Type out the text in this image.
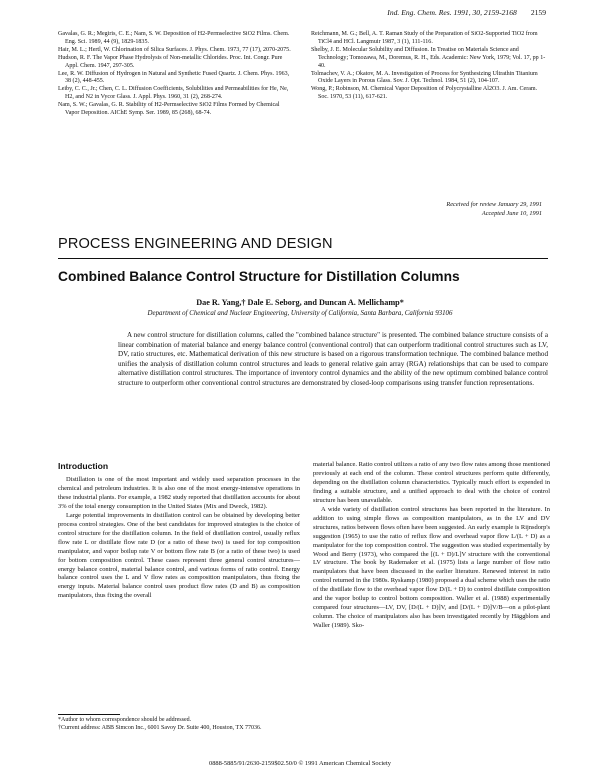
Ind. Eng. Chem. Res. 1991, 30, 2159-2168 2159

Gavalas, G. R.; Megiris, C. E.; Nam, S. W. Deposition of H2-Permselective SiO2 Films. Chem. Eng. Sci. 1989, 44 (9), 1829-1835.

Hair, M. L.; Hertl, W. Chlorination of Silica Surfaces. J. Phys. Chem. 1973, 77 (17), 2070-2075.

Hudson, R. F. The Vapor Phase Hydrolysis of Non-metallic Chlorides. Proc. Int. Congr. Pure Appl. Chem. 1947, 297-305.

Lee, R. W. Diffusion of Hydrogen in Natural and Synthetic Fused Quartz. J. Chem. Phys. 1963, 38 (2), 448-455.

Leiby, C. C., Jr.; Chen, C. L. Diffusion Coefficients, Solubilities and Permeabilities for He, Ne, H2, and N2 in Vycor Glass. J. Appl. Phys. 1960, 31 (2), 268-274.

Nam, S. W.; Gavalas, G. R. Stability of H2-Permselective SiO2 Films Formed by Chemical Vapor Deposition. AIChE Symp. Ser. 1989, 85 (268), 68-74.

Reichmann, M. G.; Bell, A. T. Raman Study of the Preparation of SiO2-Supported TiO2 from TiCl4 and HCl. Langmuir 1987, 3 (1), 111-116.

Shelby, J. E. Molecular Solubility and Diffusion. In Treatise on Materials Science and Technology; Tomozawa, M., Doremus, R. H., Eds. Academic: New York, 1979; Vol. 17, pp 1-40.

Tolmachev, V. A.; Okatov, M. A. Investigation of Process for Synthesizing Ultrathin Titanium Oxide Layers in Porous Glass. Sov. J. Opt. Technol. 1984, 51 (2), 104-107.

Wong, P.; Robinson, M. Chemical Vapor Deposition of Polycrystalline Al2O3. J. Am. Ceram. Soc. 1970, 53 (11), 617-621.

Received for review January 29, 1991
Accepted June 10, 1991
PROCESS ENGINEERING AND DESIGN
Combined Balance Control Structure for Distillation Columns
Dae R. Yang,† Dale E. Seborg, and Duncan A. Mellichamp*
Department of Chemical and Nuclear Engineering, University of California, Santa Barbara, California 93106

A new control structure for distillation columns, called the "combined balance structure" is presented. The combined balance structure consists of a linear combination of material balance and energy balance control (conventional control) that can outperform traditional control structures such as LV, DV, ratio structures, etc. Mathematical derivation of this new structure is based on a rigorous transformation technique. The combined balance method unifies the analysis of distillation column control structures and leads to general relative gain array (RGA) relationships that can be used to compare alternative distillation control structures. The importance of inventory control dynamics and the ability of the new optimum combined balance control structure to outperform other conventional control structures are demonstrated by closed-loop comparisons using transfer function representations.

Introduction

Distillation is one of the most important and widely used separation processes in the chemical and petroleum industries. It is also one of the most energy-intensive operations in these industrial plants. For example, a 1982 study reported that distillation accounts for about 3% of the total energy consumption in the United States (Mix and Dweck, 1982).

Large potential improvements in distillation control can be obtained by developing better process control strategies. One of the best candidates for improved strategies is the choice of control structure for the distillation column. In the field of distillation control, usually reflux flow rate L or distillate flow rate D (or a ratio of these two) is used for top composition manipulator, and vapor boilup rate V or bottom flow rate B (or a ratio of these two) is used for bottom composition control. These cases represent three general control structures—energy balance control, material balance control, and various forms of ratio control. Energy balance control uses the L and V flow rates as composition manipulators, thus fixing the energy inputs. Material balance control uses product flow rates (D and B) as composition manipulators, thus fixing the overall

material balance. Ratio control utilizes a ratio of any two flow rates among those mentioned previously at each end of the column. These control structures perform quite differently, depending on the distillation column characteristics. Typically much effort is expended in finding a suitable structure, and a unified approach to deal with the choice of control structure has been unavailable.

A wide variety of distillation control structures has been reported in the literature. In addition to using simple flows as composition manipulators, as in the LV and DV structures, ratios between flows often have been suggested. An early example is Rijnsdorp's suggestion (1965) to use the ratio of reflux flow and overhead vapor flow L/(L + D) as a manipulator for the top composition control. The suggestion was studied experimentally by Wood and Berry (1973), who compared the [(L + D)/L]V structure with the conventional LV structure. The book by Rademaker et al. (1975) lists a large number of flow ratio manipulators that have been discussed in the earlier literature. Renewed interest in ratio control returned in the 1980s. Ryskamp (1980) proposed a dual scheme which uses the ratio of the distillate flow to the overhead vapor flow D/(L + D) to control distillate composition and the vapor boilup to control bottom composition. Waller et al. (1988) experimentally compared four structures—LV, DV, [D/(L + D)]V, and [D/(L + D)]V/B—on a pilot-plant column. The choice of manipulators also has been investigated recently by Häggblom and Waller (1989). Sko-

*Author to whom correspondence should be addressed.

†Current address: ABB Simcon Inc., 6001 Savoy Dr. Suite 400, Houston, TX 77036.

0888-5885/91/2630-2159$02.50/0 © 1991 American Chemical Society
